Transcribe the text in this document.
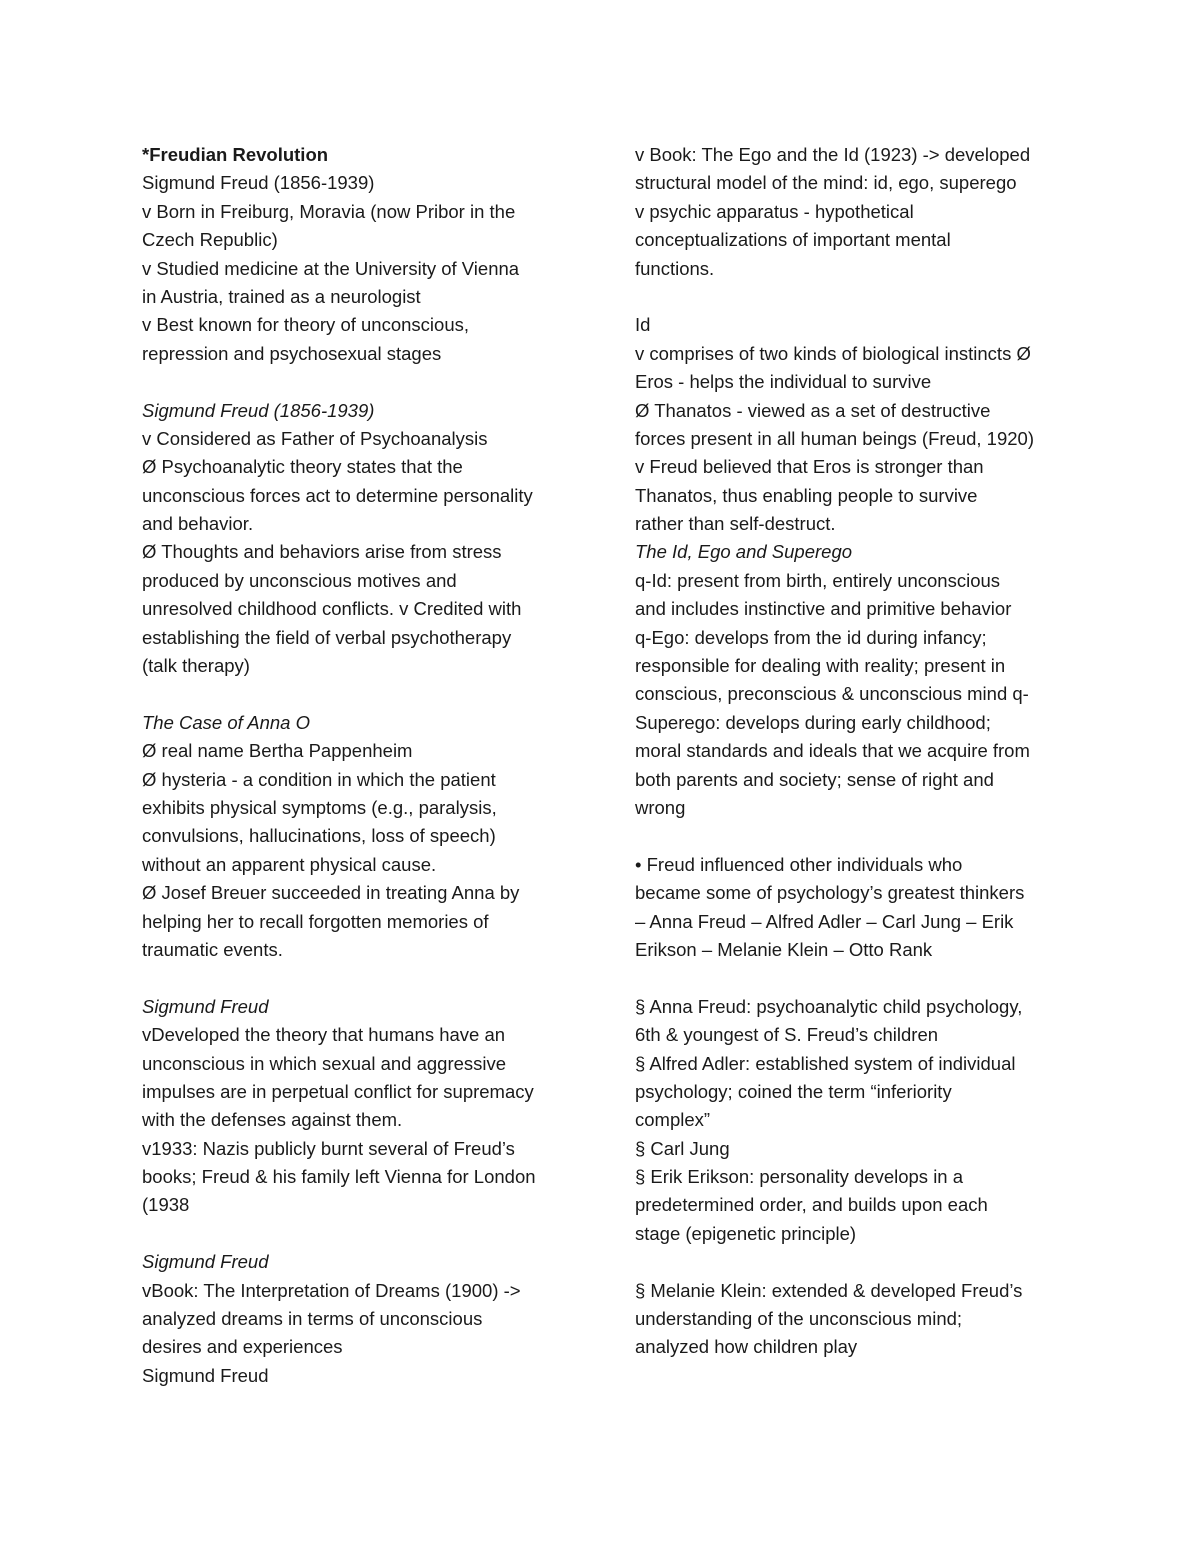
*Freudian Revolution
Sigmund Freud (1856-1939)
v Born in Freiburg, Moravia (now Pribor in the
Czech Republic)
v Studied medicine at the University of Vienna
in Austria, trained as a neurologist
v Best known for theory of unconscious,
repression and psychosexual stages
Sigmund Freud (1856-1939)
v Considered as Father of Psychoanalysis
Ø Psychoanalytic theory states that the
unconscious forces act to determine personality
and behavior.
Ø Thoughts and behaviors arise from stress
produced by unconscious motives and
unresolved childhood conflicts. v Credited with
establishing the field of verbal psychotherapy
(talk therapy)
The Case of Anna O
Ø real name Bertha Pappenheim
Ø hysteria - a condition in which the patient
exhibits physical symptoms (e.g., paralysis,
convulsions, hallucinations, loss of speech)
without an apparent physical cause.
Ø Josef Breuer succeeded in treating Anna by
helping her to recall forgotten memories of
traumatic events.
Sigmund Freud
vDeveloped the theory that humans have an
unconscious in which sexual and aggressive
impulses are in perpetual conflict for supremacy
with the defenses against them.
v1933: Nazis publicly burnt several of Freud’s
books; Freud & his family left Vienna for London
(1938
Sigmund Freud
vBook: The Interpretation of Dreams (1900) ->
analyzed dreams in terms of unconscious
desires and experiences
Sigmund Freud
v Book: The Ego and the Id (1923) -> developed
structural model of the mind: id, ego, superego
v psychic apparatus - hypothetical
conceptualizations of important mental
functions.
Id
v comprises of two kinds of biological instincts Ø
Eros - helps the individual to survive
Ø Thanatos - viewed as a set of destructive
forces present in all human beings (Freud, 1920)
v Freud believed that Eros is stronger than
Thanatos, thus enabling people to survive
rather than self-destruct.
The Id, Ego and Superego
q-Id: present from birth, entirely unconscious
and includes instinctive and primitive behavior
q-Ego: develops from the id during infancy;
responsible for dealing with reality; present in
conscious, preconscious & unconscious mind q-
Superego: develops during early childhood;
moral standards and ideals that we acquire from
both parents and society; sense of right and
wrong
• Freud influenced other individuals who
became some of psychology’s greatest thinkers
– Anna Freud – Alfred Adler – Carl Jung – Erik
Erikson – Melanie Klein – Otto Rank
§ Anna Freud: psychoanalytic child psychology,
6th & youngest of S. Freud’s children
§ Alfred Adler: established system of individual
psychology; coined the term “inferiority
complex”
§ Carl Jung
§ Erik Erikson: personality develops in a
predetermined order, and builds upon each
stage (epigenetic principle)
§ Melanie Klein: extended & developed Freud’s
understanding of the unconscious mind;
analyzed how children play
